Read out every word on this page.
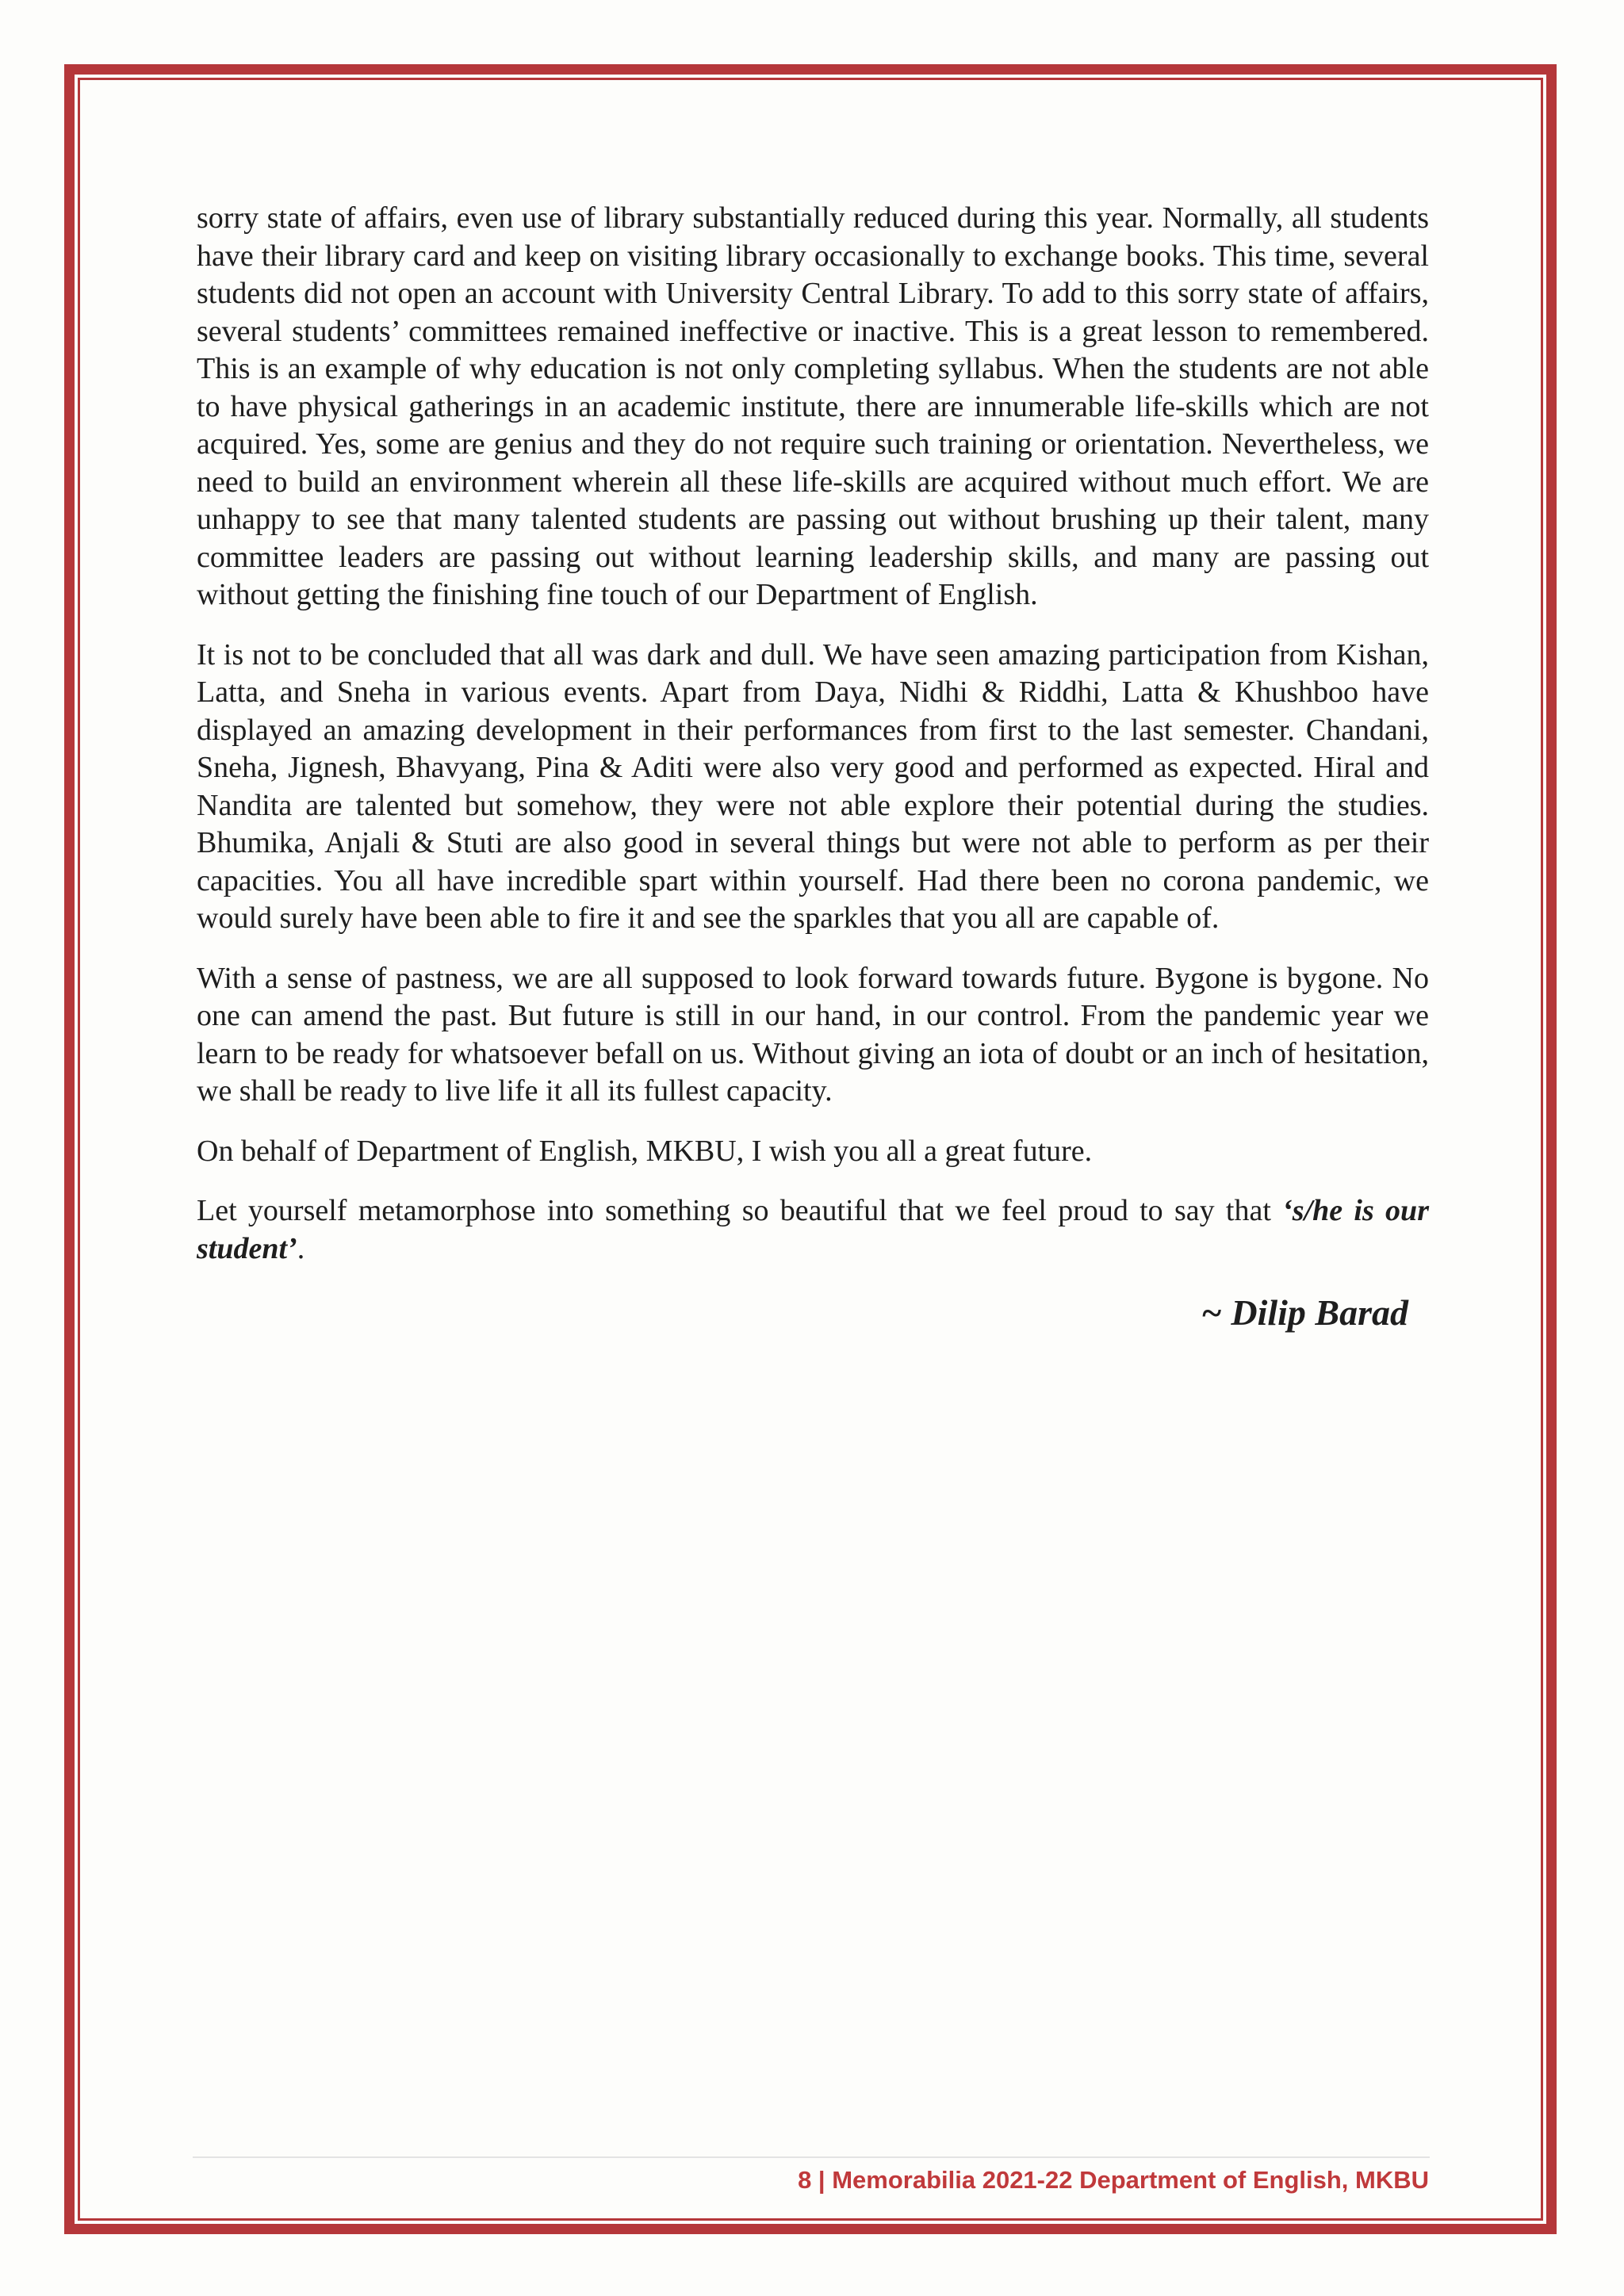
sorry state of affairs, even use of library substantially reduced during this year. Normally, all students have their library card and keep on visiting library occasionally to exchange books. This time, several students did not open an account with University Central Library. To add to this sorry state of affairs, several students’ committees remained ineffective or inactive. This is a great lesson to remembered. This is an example of why education is not only completing syllabus. When the students are not able to have physical gatherings in an academic institute, there are innumerable life-skills which are not acquired. Yes, some are genius and they do not require such training or orientation. Nevertheless, we need to build an environment wherein all these life-skills are acquired without much effort. We are unhappy to see that many talented students are passing out without brushing up their talent, many committee leaders are passing out without learning leadership skills, and many are passing out without getting the finishing fine touch of our Department of English.

It is not to be concluded that all was dark and dull. We have seen amazing participation from Kishan, Latta, and Sneha in various events. Apart from Daya, Nidhi & Riddhi, Latta & Khushboo have displayed an amazing development in their performances from first to the last semester. Chandani, Sneha, Jignesh, Bhavyang, Pina & Aditi were also very good and performed as expected. Hiral and Nandita are talented but somehow, they were not able explore their potential during the studies. Bhumika, Anjali & Stuti are also good in several things but were not able to perform as per their capacities. You all have incredible spart within yourself. Had there been no corona pandemic, we would surely have been able to fire it and see the sparkles that you all are capable of.

With a sense of pastness, we are all supposed to look forward towards future. Bygone is bygone. No one can amend the past. But future is still in our hand, in our control. From the pandemic year we learn to be ready for whatsoever befall on us. Without giving an iota of doubt or an inch of hesitation, we shall be ready to live life it all its fullest capacity.

On behalf of Department of English, MKBU, I wish you all a great future.

Let yourself metamorphose into something so beautiful that we feel proud to say that ‘s/he is our student’.

~ Dilip Barad
8 | Memorabilia 2021-22 Department of English, MKBU
